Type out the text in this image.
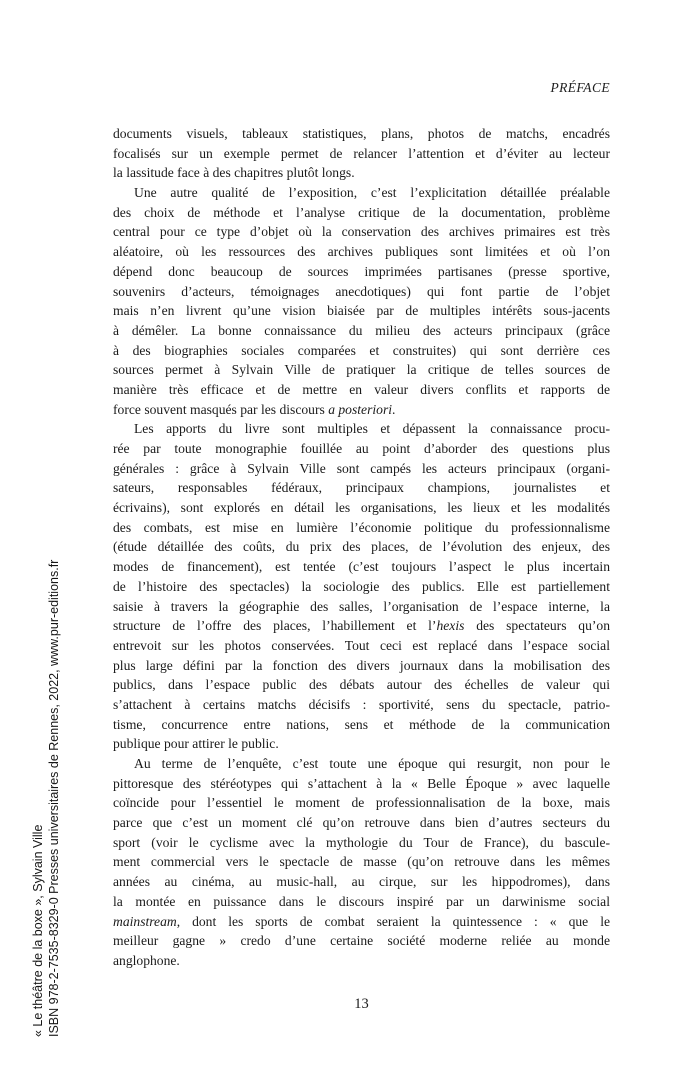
« Le théâtre de la boxe », Sylvain Ville ISBN 978-2-7535-8329-0 Presses universitaires de Rennes, 2022, www.pur-editions.fr
PRÉFACE
documents visuels, tableaux statistiques, plans, photos de matchs, encadrés
focalisés sur un exemple permet de relancer l’attention et d’éviter au lecteur
la lassitude face à des chapitres plutôt longs.
Une autre qualité de l’exposition, c’est l’explicitation détaillée préalable
des choix de méthode et l’analyse critique de la documentation, problème
central pour ce type d’objet où la conservation des archives primaires est très
aléatoire, où les ressources des archives publiques sont limitées et où l’on
dépend donc beaucoup de sources imprimées partisanes (presse sportive,
souvenirs d’acteurs, témoignages anecdotiques) qui font partie de l’objet
mais n’en livrent qu’une vision biaisée par de multiples intérêts sous-jacents
à démêler. La bonne connaissance du milieu des acteurs principaux (grâce
à des biographies sociales comparées et construites) qui sont derrière ces
sources permet à Sylvain Ville de pratiquer la critique de telles sources de
manière très efficace et de mettre en valeur divers conflits et rapports de
force souvent masqués par les discours a posteriori.
Les apports du livre sont multiples et dépassent la connaissance procu-
rée par toute monographie fouillée au point d’aborder des questions plus
générales : grâce à Sylvain Ville sont campés les acteurs principaux (organi-
sateurs, responsables fédéraux, principaux champions, journalistes et
écrivains), sont explorés en détail les organisations, les lieux et les modalités
des combats, est mise en lumière l’économie politique du professionnalisme
(étude détaillée des coûts, du prix des places, de l’évolution des enjeux, des
modes de financement), est tentée (c’est toujours l’aspect le plus incertain
de l’histoire des spectacles) la sociologie des publics. Elle est partiellement
saisie à travers la géographie des salles, l’organisation de l’espace interne, la
structure de l’offre des places, l’habillement et l’hexis des spectateurs qu’on
entrevoit sur les photos conservées. Tout ceci est replacé dans l’espace social
plus large défini par la fonction des divers journaux dans la mobilisation des
publics, dans l’espace public des débats autour des échelles de valeur qui
s’attachent à certains matchs décisifs : sportivité, sens du spectacle, patrio-
tisme, concurrence entre nations, sens et méthode de la communication
publique pour attirer le public.
Au terme de l’enquête, c’est toute une époque qui resurgit, non pour le
pittoresque des stéréotypes qui s’attachent à la « Belle Époque » avec laquelle
coïncide pour l’essentiel le moment de professionnalisation de la boxe, mais
parce que c’est un moment clé qu’on retrouve dans bien d’autres secteurs du
sport (voir le cyclisme avec la mythologie du Tour de France), du bascule-
ment commercial vers le spectacle de masse (qu’on retrouve dans les mêmes
années au cinéma, au music-hall, au cirque, sur les hippodromes), dans
la montée en puissance dans le discours inspiré par un darwinisme social
mainstream, dont les sports de combat seraient la quintessence : « que le
meilleur gagne » credo d’une certaine société moderne reliée au monde
anglophone.
13
